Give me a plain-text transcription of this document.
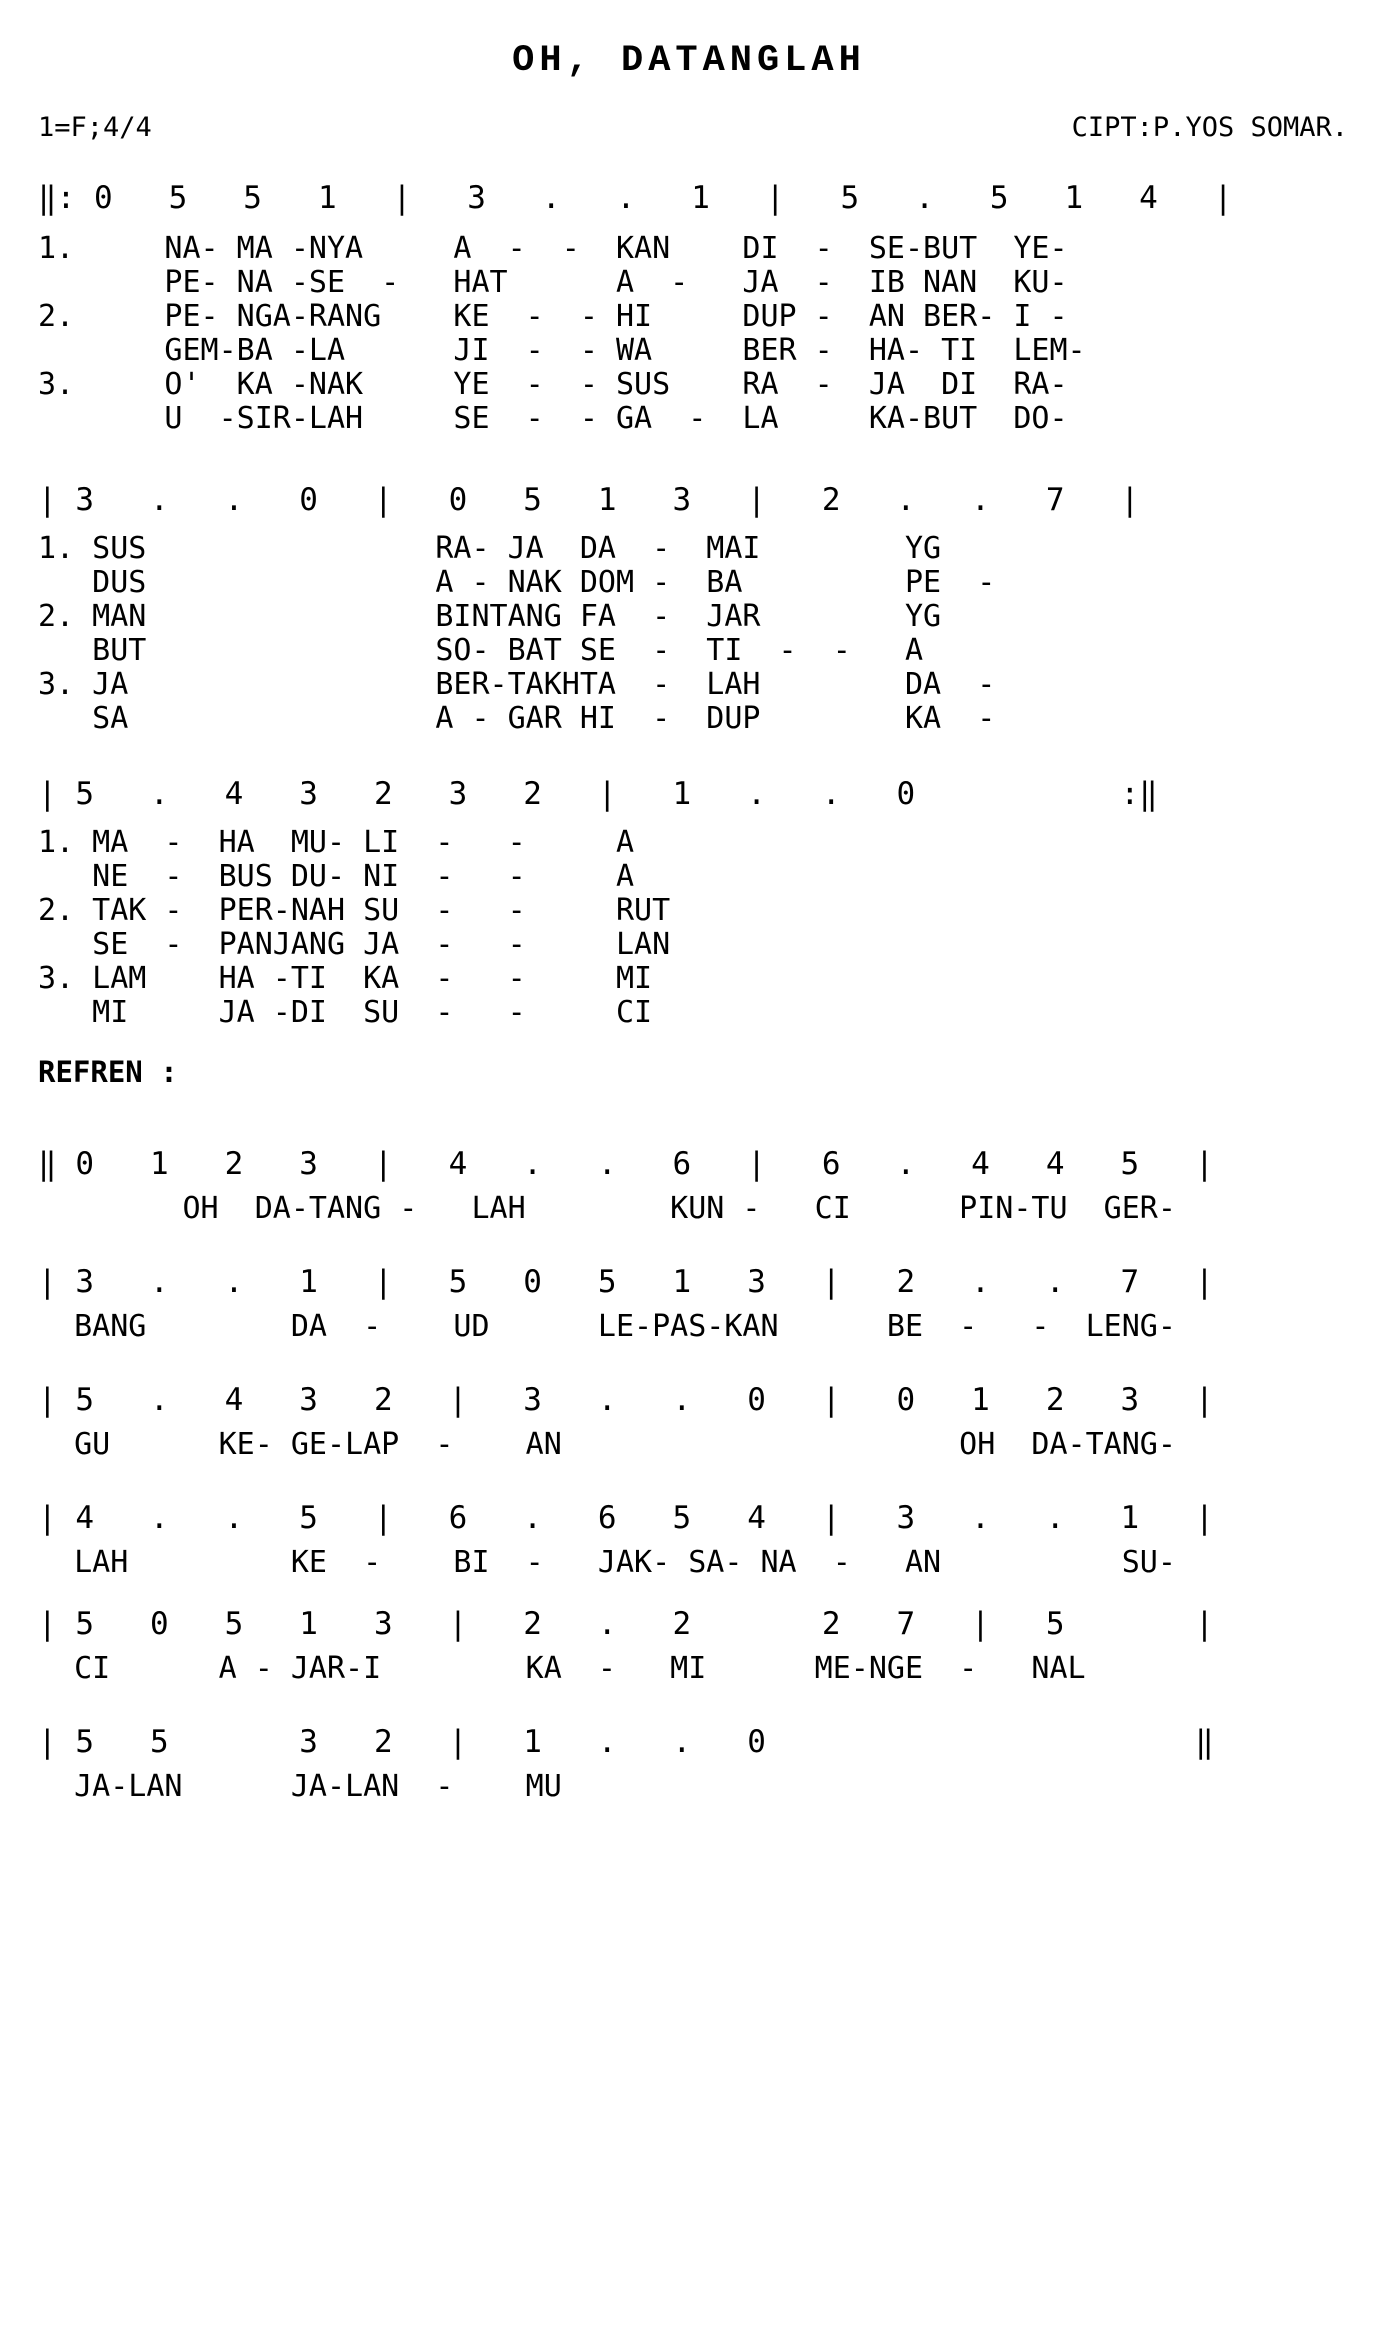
OH, DATANGLAH

1=F;4/4	CIPT:P.YOS SOMAR.

‖: 0   5   5   1   |   3   .   .   1   |   5   .   5   1   4   |

1.     NA- MA -NYA     A  -  -  KAN    DI  -  SE-BUT  YE-

PE- NA -SE  -   HAT      A  -   JA  -  IB NAN  KU-

2.     PE- NGA-RANG    KE  -  - HI     DUP -  AN BER- I -

GEM-BA -LA      JI  -  - WA     BER -  HA- TI  LEM-

3.     O'  KA -NAK     YE  -  - SUS    RA  -  JA  DI  RA-

U  -SIR-LAH     SE  -  - GA  -  LA     KA-BUT  DO-

| 3   .   .   0   |   0   5   1   3   |   2   .   .   7   |

1. SUS                RA- JA  DA  -  MAI        YG

DUS                A - NAK DOM -  BA         PE  -

2. MAN                BINTANG FA  -  JAR        YG

BUT                SO- BAT SE  -  TI  -  -   A

3. JA                 BER-TAKHTA  -  LAH        DA  -

SA                 A - GAR HI  -  DUP        KA  -

| 5   .   4   3   2   3   2   |   1   .   .   0           :‖

1. MA  -  HA  MU- LI  -   -     A

NE  -  BUS DU- NI  -   -     A

2. TAK -  PER-NAH SU  -   -     RUT

SE  -  PANJANG JA  -   -     LAN

3. LAM    HA -TI  KA  -   -     MI

MI     JA -DI  SU  -   -     CI

REFREN :

‖ 0   1   2   3   |   4   .   .   6   |   6   .   4   4   5   |

OH  DA-TANG -   LAH        KUN -   CI      PIN-TU  GER-

| 3   .   .   1   |   5   0   5   1   3   |   2   .   .   7   |

BANG        DA  -    UD      LE-PAS-KAN      BE  -   -  LENG-

| 5   .   4   3   2   |   3   .   .   0   |   0   1   2   3   |

GU      KE- GE-LAP  -    AN                      OH  DA-TANG-

| 4   .   .   5   |   6   .   6   5   4   |   3   .   .   1   |

LAH         KE  -    BI  -   JAK- SA- NA  -   AN          SU-

| 5   0   5   1   3   |   2   .   2       2   7   |   5       |

CI      A - JAR-I        KA  -   MI      ME-NGE  -   NAL

| 5   5       3   2   |   1   .   .   0                       ‖

JA-LAN      JA-LAN  -    MU
